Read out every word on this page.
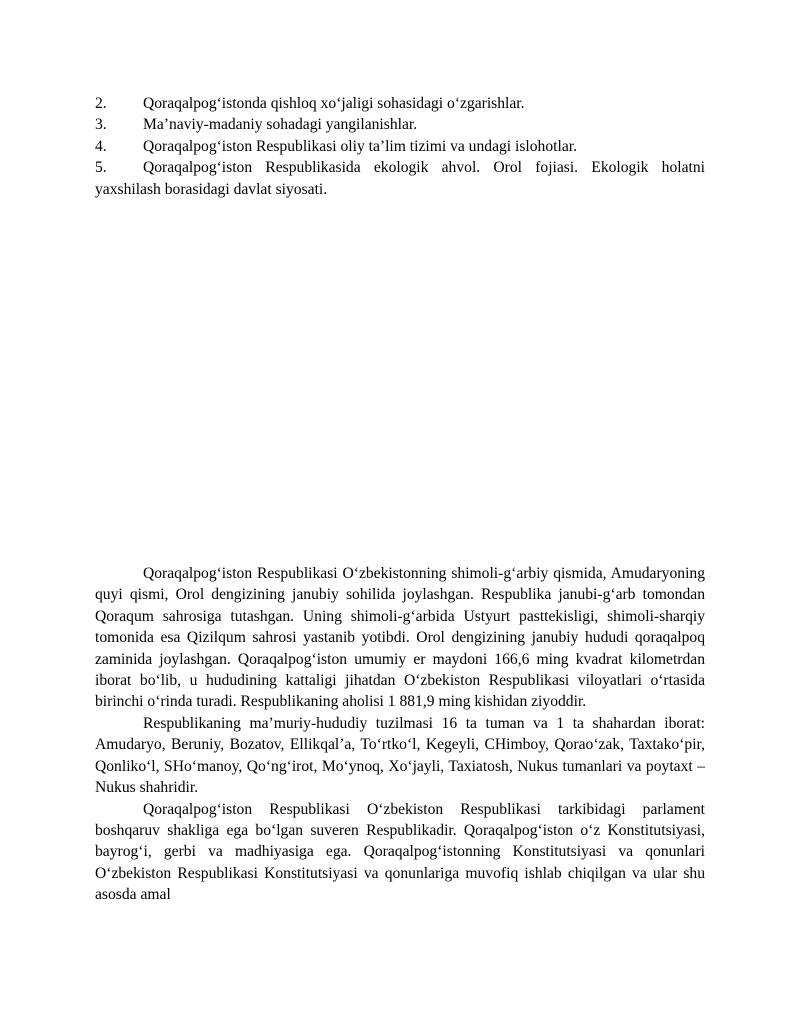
2. Qoraqalpog‘istonda qishloq xo‘jaligi sohasidagi o‘zgarishlar.
3. Ma’naviy-madaniy sohadagi yangilanishlar.
4. Qoraqalpog‘iston Respublikasi oliy ta’lim tizimi va undagi islohotlar.
5. Qoraqalpog‘iston Respublikasida ekologik ahvol. Orol fojiasi. Ekologik holatni yaxshilash borasidagi davlat siyosati.

Qoraqalpog‘iston Respublikasi O‘zbekistonning shimoli-g‘arbiy qismida, Amudaryoning quyi qismi, Orol dengizining janubiy sohilida joylashgan. Respublika janubi-g‘arb tomondan Qoraqum sahrosiga tutashgan. Uning shimoli-g‘arbida Ustyurt pasttekisligi, shimoli-sharqiy tomonida esa Qizilqum sahrosi yastanib yotibdi. Orol dengizining janubiy hududi qoraqalpoq zaminida joylashgan. Qoraqalpog‘iston umumiy er maydoni 166,6 ming kvadrat kilometrdan iborat bo‘lib, u hududining kattaligi jihatdan O‘zbekiston Respublikasi viloyatlari o‘rtasida birinchi o‘rinda turadi. Respublikaning aholisi 1 881,9 ming kishidan ziyoddir.

Respublikaning ma’muriy-hududiy tuzilmasi 16 ta tuman va 1 ta shahardan iborat: Amudaryo, Beruniy, Bozatov, Ellikqal’a, To‘rtko‘l, Kegeyli, CHimboy, Qorao‘zak, Taxtako‘pir, Qonliko‘l, SHo‘manoy, Qo‘ng‘irot, Mo‘ynoq, Xo‘jayli, Taxiatosh, Nukus tumanlari va poytaxt – Nukus shahridir.

Qoraqalpog‘iston Respublikasi O‘zbekiston Respublikasi tarkibidagi parlament boshqaruv shakliga ega bo‘lgan suveren Respublikadir. Qoraqalpog‘iston o‘z Konstitutsiyasi, bayrog‘i, gerbi va madhiyasiga ega. Qoraqalpog‘istonning Konstitutsiyasi va qonunlari O‘zbekiston Respublikasi Konstitutsiyasi va qonunlariga muvofiq ishlab chiqilgan va ular shu asosda amal
